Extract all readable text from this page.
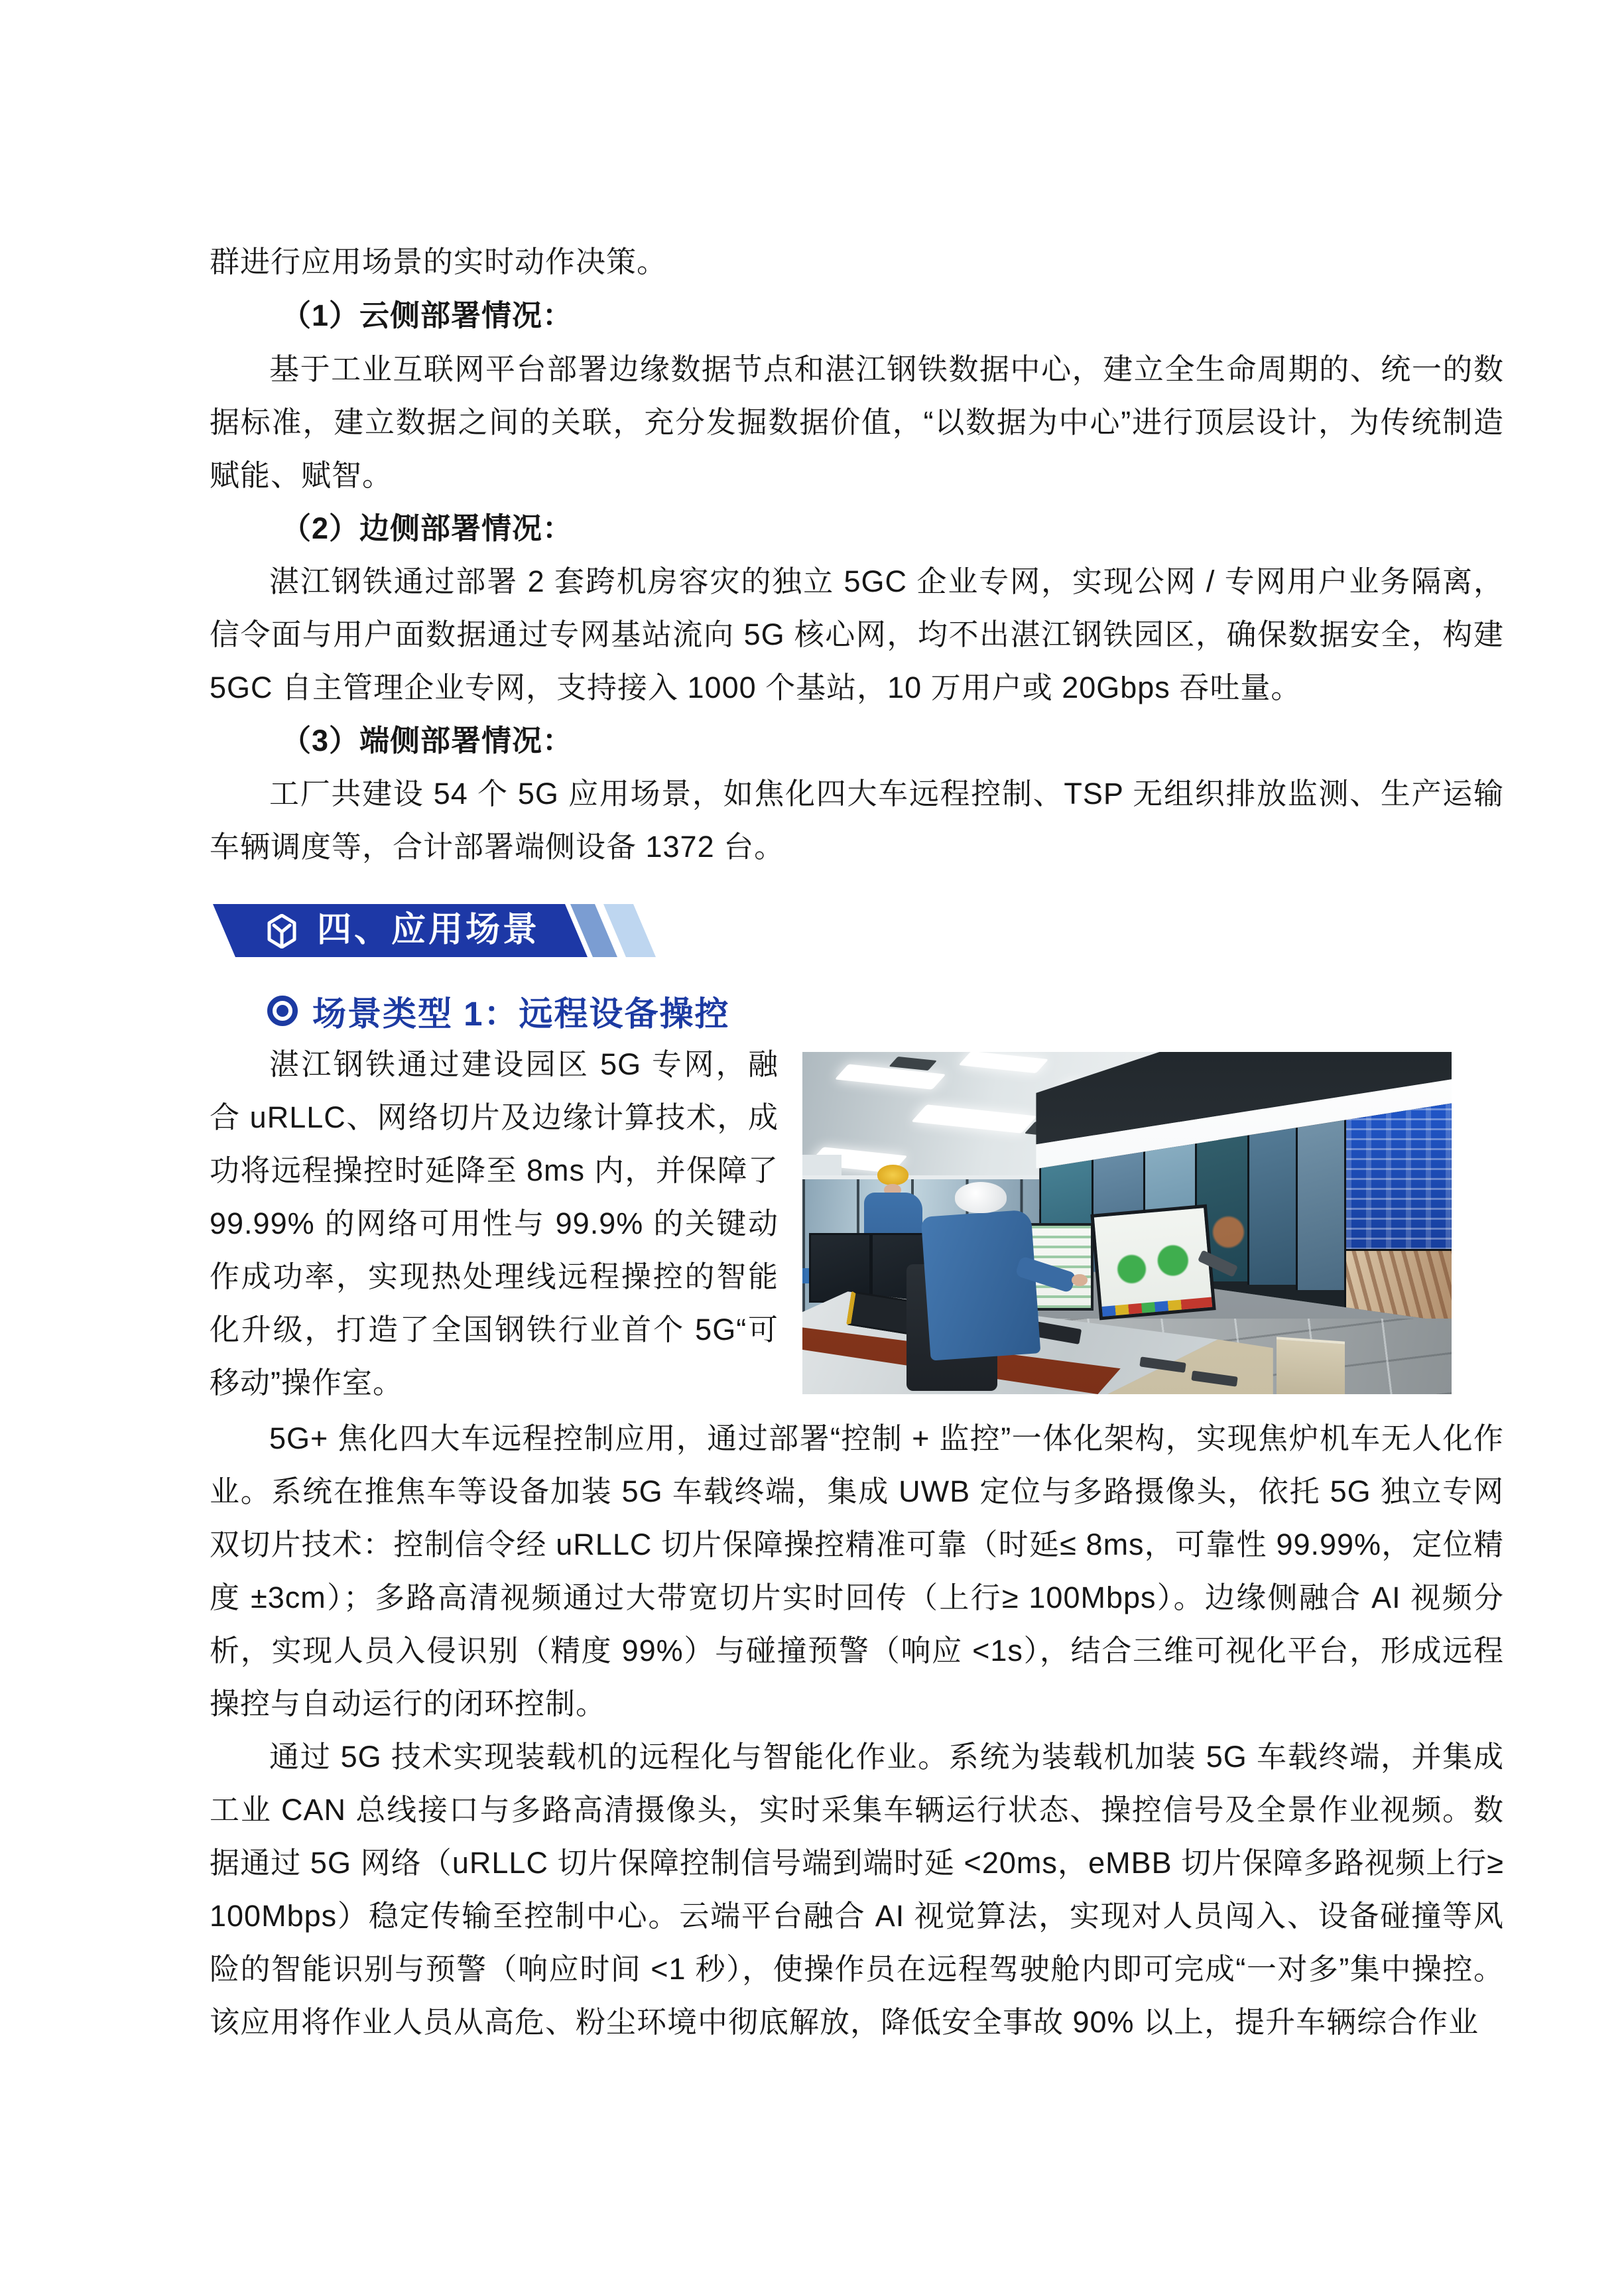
群进行应用场景的实时动作决策。

（1）云侧部署情况：

基于工业互联网平台部署边缘数据节点和湛江钢铁数据中心，建立全生命周期的、统一的数据标准，建立数据之间的关联，充分发掘数据价值，“以数据为中心”进行顶层设计，为传统制造赋能、赋智。

（2）边侧部署情况：

湛江钢铁通过部署 2 套跨机房容灾的独立 5GC 企业专网，实现公网 / 专网用户业务隔离，信令面与用户面数据通过专网基站流向 5G 核心网，均不出湛江钢铁园区，确保数据安全，构建 5GC 自主管理企业专网，支持接入 1000 个基站，10 万用户或 20Gbps 吞吐量。

（3）端侧部署情况：

工厂共建设 54 个 5G 应用场景，如焦化四大车远程控制、TSP 无组织排放监测、生产运输车辆调度等，合计部署端侧设备 1372 台。

四、应用场景
场景类型 1：远程设备操控

湛江钢铁通过建设园区 5G 专网，融合 uRLLC、网络切片及边缘计算技术，成功将远程操控时延降至 8ms 内，并保障了 99.99% 的网络可用性与 99.9% 的关键动作成功率，实现热处理线远程操控的智能化升级，打造了全国钢铁行业首个 5G“可移动”操作室。

5G+ 焦化四大车远程控制应用，通过部署“控制 + 监控”一体化架构，实现焦炉机车无人化作业。系统在推焦车等设备加装 5G 车载终端，集成 UWB 定位与多路摄像头，依托 5G 独立专网双切片技术：控制信令经 uRLLC 切片保障操控精准可靠（时延≤ 8ms，可靠性 99.99%，定位精度 ±3cm）；多路高清视频通过大带宽切片实时回传（上行≥ 100Mbps）。边缘侧融合 AI 视频分析，实现人员入侵识别（精度 99%）与碰撞预警（响应 <1s），结合三维可视化平台，形成远程操控与自动运行的闭环控制。

通过 5G 技术实现装载机的远程化与智能化作业。系统为装载机加装 5G 车载终端，并集成工业 CAN 总线接口与多路高清摄像头，实时采集车辆运行状态、操控信号及全景作业视频。数据通过 5G 网络（uRLLC 切片保障控制信号端到端时延 <20ms，eMBB 切片保障多路视频上行≥ 100Mbps）稳定传输至控制中心。云端平台融合 AI 视觉算法，实现对人员闯入、设备碰撞等风险的智能识别与预警（响应时间 <1 秒），使操作员在远程驾驶舱内即可完成“一对多”集中操控。该应用将作业人员从高危、粉尘环境中彻底解放，降低安全事故 90% 以上，提升车辆综合作业
